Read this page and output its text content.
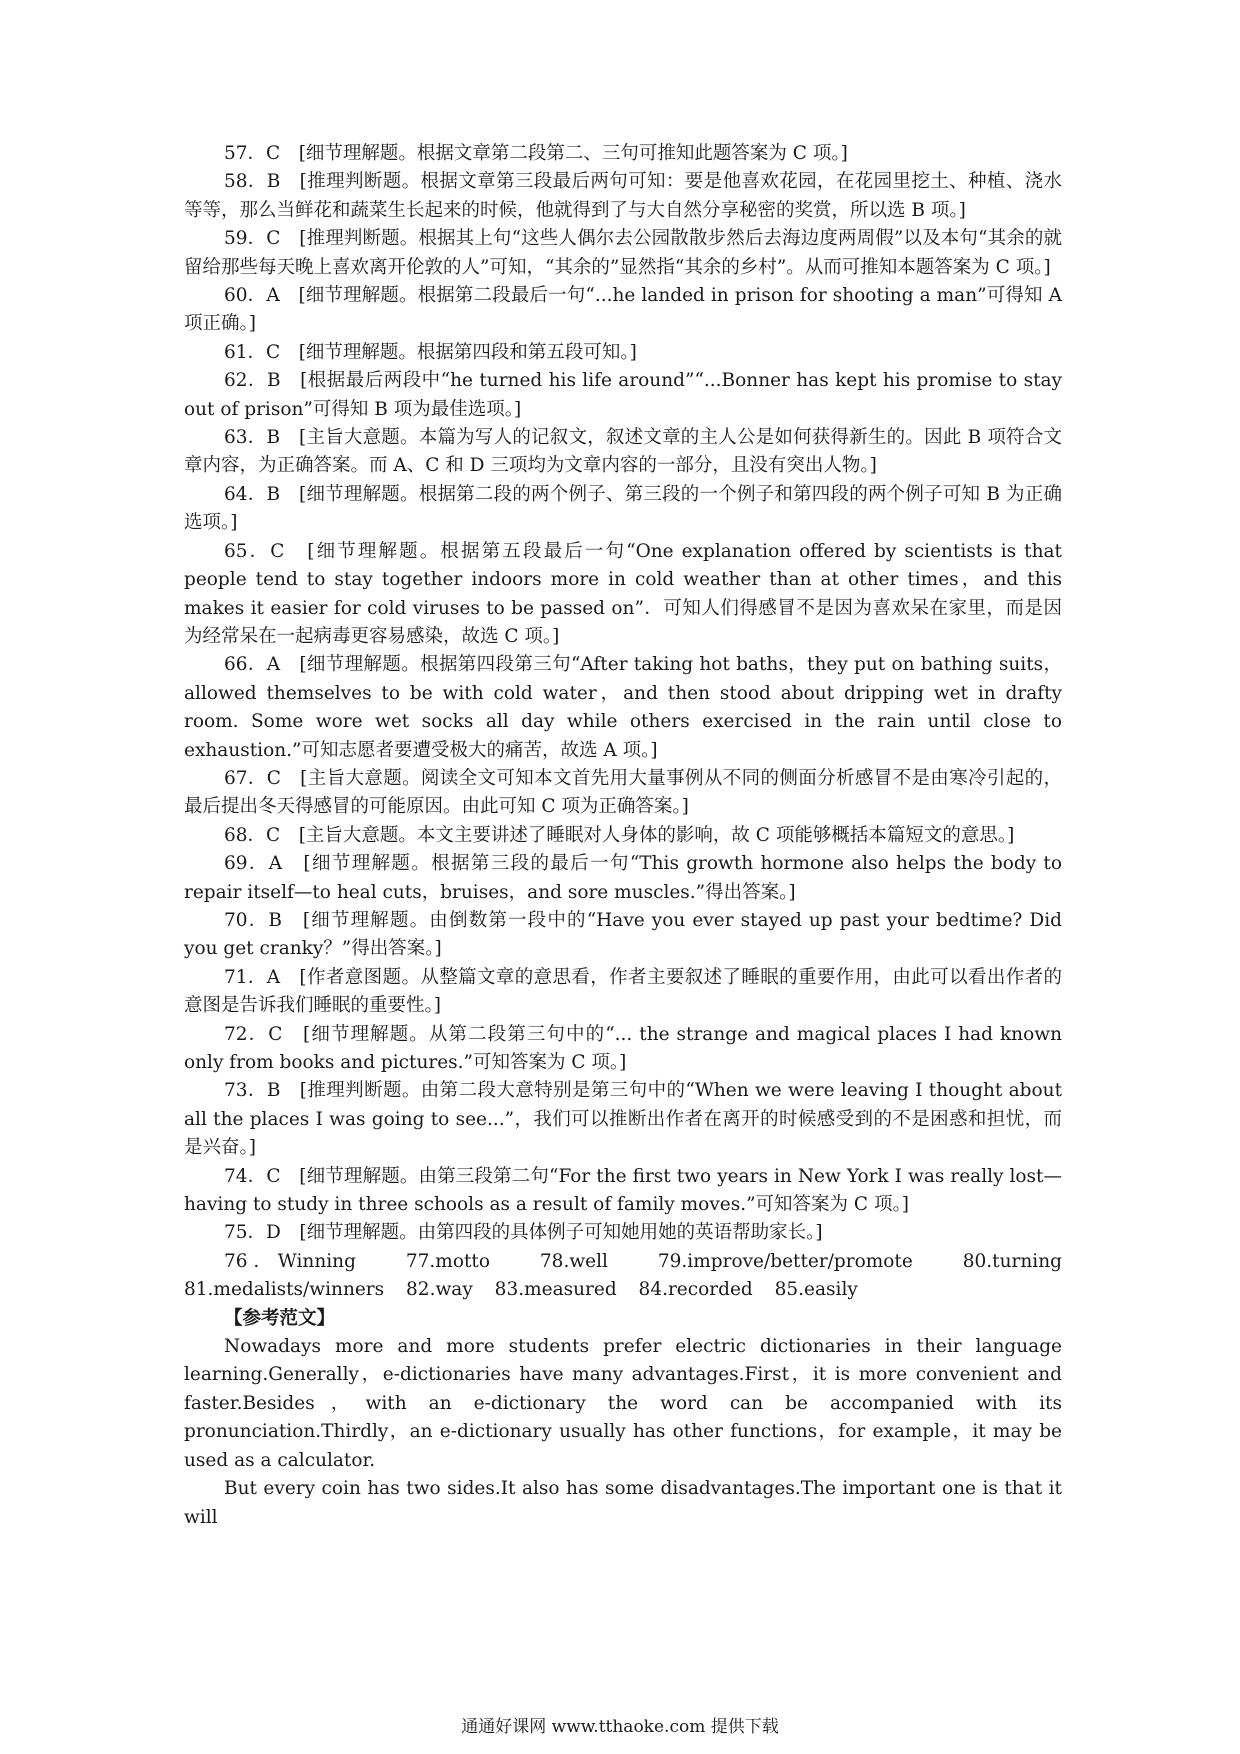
57．C　[细节理解题。根据文章第二段第二、三句可推知此题答案为 C 项。]

58．B　[推理判断题。根据文章第三段最后两句可知：要是他喜欢花园，在花园里挖土、种植、浇水等等，那么当鲜花和蔬菜生长起来的时候，他就得到了与大自然分享秘密的奖赏，所以选 B 项。]

59．C　[推理判断题。根据其上句“这些人偶尔去公园散散步然后去海边度两周假”以及本句“其余的就留给那些每天晚上喜欢离开伦敦的人”可知，“其余的”显然指“其余的乡村”。从而可推知本题答案为 C 项。]

60．A　[细节理解题。根据第二段最后一句“...he landed in prison for shooting a man”可得知 A 项正确。]

61．C　[细节理解题。根据第四段和第五段可知。]

62．B　[根据最后两段中“he turned his life around”“...Bonner has kept his promise to stay out of prison”可得知 B 项为最佳选项。]

63．B　[主旨大意题。本篇为写人的记叙文，叙述文章的主人公是如何获得新生的。因此 B 项符合文章内容，为正确答案。而 A、C 和 D 三项均为文章内容的一部分，且没有突出人物。]

64．B　[细节理解题。根据第二段的两个例子、第三段的一个例子和第四段的两个例子可知 B 为正确选项。]

65．C　[细节理解题。根据第五段最后一句“One explanation offered by scientists is that people tend to stay together indoors more in cold weather than at other times，and this makes it easier for cold viruses to be passed on”．可知人们得感冒不是因为喜欢呆在家里，而是因为经常呆在一起病毒更容易感染，故选 C 项。]

66．A　[细节理解题。根据第四段第三句“After taking hot baths，they put on bathing suits，allowed themselves to be with cold water，and then stood about dripping wet in drafty room. Some wore wet socks all day while others exercised in the rain until close to exhaustion.”可知志愿者要遭受极大的痛苦，故选 A 项。]

67．C　[主旨大意题。阅读全文可知本文首先用大量事例从不同的侧面分析感冒不是由寒冷引起的，最后提出冬天得感冒的可能原因。由此可知 C 项为正确答案。]

68．C　[主旨大意题。本文主要讲述了睡眠对人身体的影响，故 C 项能够概括本篇短文的意思。]

69．A　[细节理解题。根据第三段的最后一句“This growth hormone also helps the body to repair itself—to heal cuts，bruises，and sore muscles.”得出答案。]

70．B　[细节理解题。由倒数第一段中的“Have you ever stayed up past your bedtime? Did you get cranky？”得出答案。]

71．A　[作者意图题。从整篇文章的意思看，作者主要叙述了睡眠的重要作用，由此可以看出作者的意图是告诉我们睡眠的重要性。]

72．C　[细节理解题。从第二段第三句中的“... the strange and magical places I had known only from books and pictures.”可知答案为 C 项。]

73．B　[推理判断题。由第二段大意特别是第三句中的“When we were leaving I thought about all the places I was going to see...”，我们可以推断出作者在离开的时候感受到的不是困惑和担忧，而是兴奋。]

74．C　[细节理解题。由第三段第二句“For the first two years in New York I was really lost—having to study in three schools as a result of family moves.”可知答案为 C 项。]

75．D　[细节理解题。由第四段的具体例子可知她用她的英语帮助家长。]

76 .　Winning	77.motto	78.well	79.improve/better/promote	80.turning

81.medalists/winners 82.way 83.measured 84.recorded 85.easily

【参考范文】

Nowadays more and more students prefer electric dictionaries in their language learning.Generally，e-dictionaries have many advantages.First，it is more convenient and faster.Besides，with an e-dictionary the word can be accompanied with its pronunciation.Thirdly，an e-dictionary usually has other functions，for example，it may be used as a calculator.

But every coin has two sides.It also has some disadvantages.The important one is that it will

通通好课网 www.tthaoke.com 提供下载
